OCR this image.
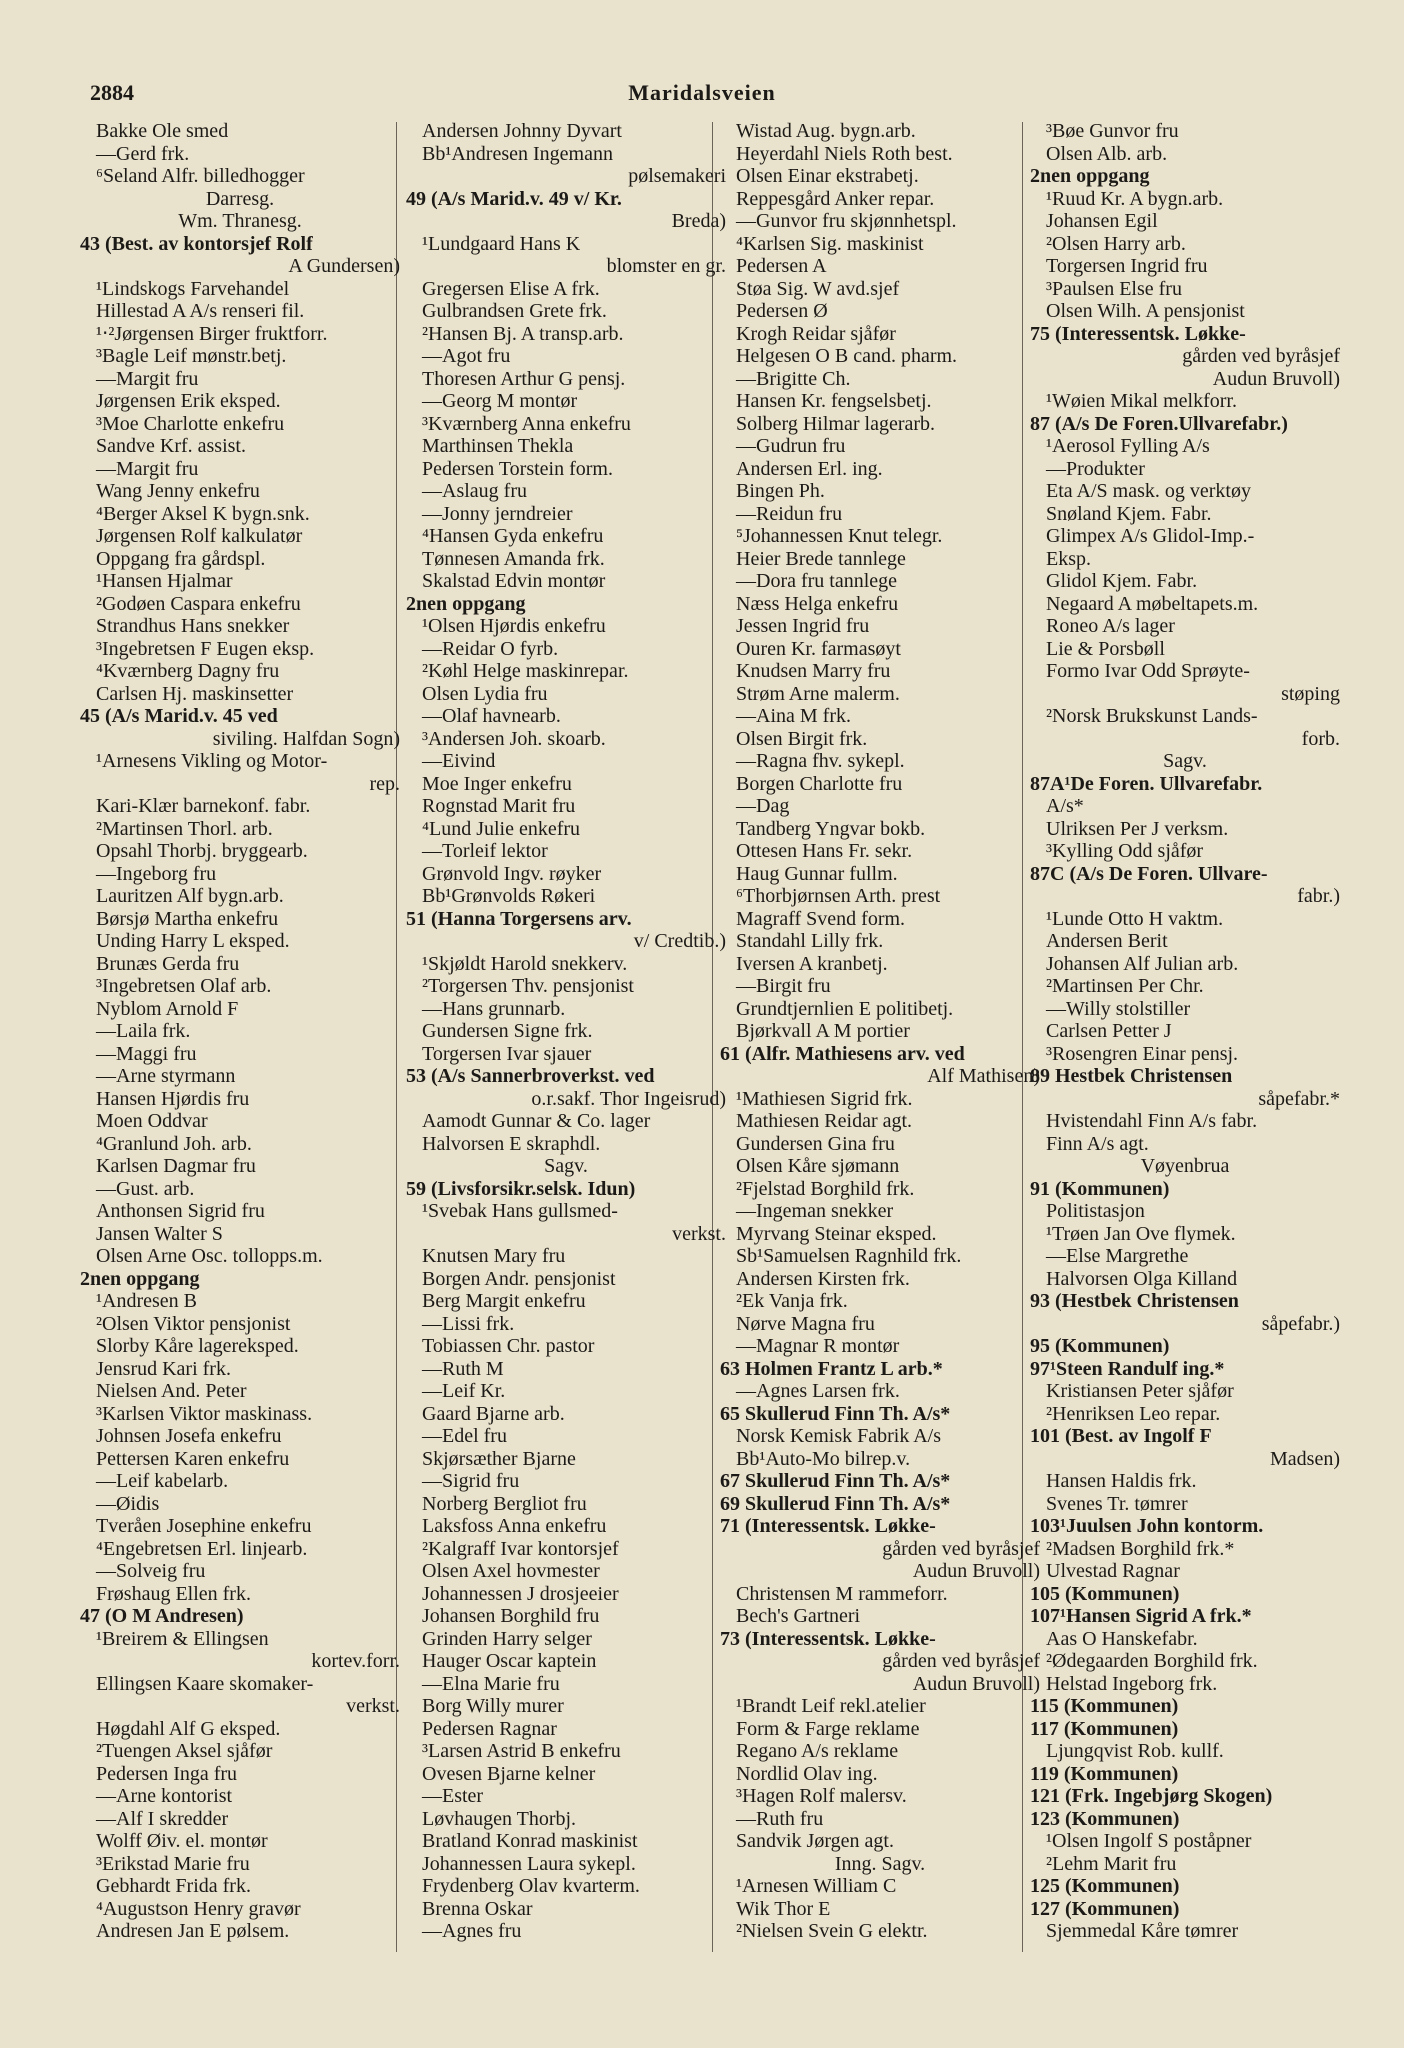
2884	Maridalsveien
Bakke Ole smed
—Gerd frk.
⁶Seland Alfr. billedhogger
Darresg.
Wm. Thranesg.
43 (Best. av kontorsjef Rolf
A Gundersen)
¹Lindskogs Farvehandel
Hillestad A A/s renseri fil.
¹‧²Jørgensen Birger fruktforr.
³Bagle Leif mønstr.betj.
—Margit fru
Jørgensen Erik eksped.
³Moe Charlotte enkefru
Sandve Krf. assist.
—Margit fru
Wang Jenny enkefru
⁴Berger Aksel K bygn.snk.
Jørgensen Rolf kalkulatør
Oppgang fra gårdspl.
¹Hansen Hjalmar
²Godøen Caspara enkefru
Strandhus Hans snekker
³Ingebretsen F Eugen eksp.
⁴Kværnberg Dagny fru
Carlsen Hj. maskinsetter
45 (A/s Marid.v. 45 ved
siviling. Halfdan Sogn)
¹Arnesens Vikling og Motor-
rep.
Kari-Klær barnekonf. fabr.
²Martinsen Thorl. arb.
Opsahl Thorbj. bryggearb.
—Ingeborg fru
Lauritzen Alf bygn.arb.
Børsjø Martha enkefru
Unding Harry L eksped.
Brunæs Gerda fru
³Ingebretsen Olaf arb.
Nyblom Arnold F
—Laila frk.
—Maggi fru
—Arne styrmann
Hansen Hjørdis fru
Moen Oddvar
⁴Granlund Joh. arb.
Karlsen Dagmar fru
—Gust. arb.
Anthonsen Sigrid fru
Jansen Walter S
Olsen Arne Osc. tollopps.m.
2nen oppgang
¹Andresen B
²Olsen Viktor pensjonist
Slorby Kåre lagereksped.
Jensrud Kari frk.
Nielsen And. Peter
³Karlsen Viktor maskinass.
Johnsen Josefa enkefru
Pettersen Karen enkefru
—Leif kabelarb.
—Øidis
Tveråen Josephine enkefru
⁴Engebretsen Erl. linjearb.
—Solveig fru
Frøshaug Ellen frk.
47 (O M Andresen)
¹Breirem & Ellingsen
kortev.forr.
Ellingsen Kaare skomaker-
verkst.
Høgdahl Alf G eksped.
²Tuengen Aksel sjåfør
Pedersen Inga fru
—Arne kontorist
—Alf I skredder
Wolff Øiv. el. montør
³Erikstad Marie fru
Gebhardt Frida frk.
⁴Augustson Henry gravør
Andresen Jan E pølsem.
Andersen Johnny Dyvart
Bb¹Andresen Ingemann
pølsemakeri
49 (A/s Marid.v. 49 v/ Kr.
Breda)
¹Lundgaard Hans K
blomster en gr.
Gregersen Elise A frk.
Gulbrandsen Grete frk.
²Hansen Bj. A transp.arb.
—Agot fru
Thoresen Arthur G pensj.
—Georg M montør
³Kværnberg Anna enkefru
Marthinsen Thekla
Pedersen Torstein form.
—Aslaug fru
—Jonny jerndreier
⁴Hansen Gyda enkefru
Tønnesen Amanda frk.
Skalstad Edvin montør
2nen oppgang
¹Olsen Hjørdis enkefru
—Reidar O fyrb.
²Køhl Helge maskinrepar.
Olsen Lydia fru
—Olaf havnearb.
³Andersen Joh. skoarb.
—Eivind
Moe Inger enkefru
Rognstad Marit fru
⁴Lund Julie enkefru
—Torleif lektor
Grønvold Ingv. røyker
Bb¹Grønvolds Røkeri
51 (Hanna Torgersens arv.
v/ Credtib.)
¹Skjøldt Harold snekkerv.
²Torgersen Thv. pensjonist
—Hans grunnarb.
Gundersen Signe frk.
Torgersen Ivar sjauer
53 (A/s Sannerbroverkst. ved
o.r.sakf. Thor Ingeisrud)
Aamodt Gunnar & Co. lager
Halvorsen E skraphdl.
Sagv.
59 (Livsforsikr.selsk. Idun)
¹Svebak Hans gullsmed-
verkst.
Knutsen Mary fru
Borgen Andr. pensjonist
Berg Margit enkefru
—Lissi frk.
Tobiassen Chr. pastor
—Ruth M
—Leif Kr.
Gaard Bjarne arb.
—Edel fru
Skjørsæther Bjarne
—Sigrid fru
Norberg Bergliot fru
Laksfoss Anna enkefru
²Kalgraff Ivar kontorsjef
Olsen Axel hovmester
Johannessen J drosjeeier
Johansen Borghild fru
Grinden Harry selger
Hauger Oscar kaptein
—Elna Marie fru
Borg Willy murer
Pedersen Ragnar
³Larsen Astrid B enkefru
Ovesen Bjarne kelner
—Ester
Løvhaugen Thorbj.
Bratland Konrad maskinist
Johannessen Laura sykepl.
Frydenberg Olav kvarterm.
Brenna Oskar
—Agnes fru
Wistad Aug. bygn.arb.
Heyerdahl Niels Roth best.
Olsen Einar ekstrabetj.
Reppesgård Anker repar.
—Gunvor fru skjønnhetspl.
⁴Karlsen Sig. maskinist
Pedersen A
Støa Sig. W avd.sjef
Pedersen Ø
Krogh Reidar sjåfør
Helgesen O B cand. pharm.
—Brigitte Ch.
Hansen Kr. fengselsbetj.
Solberg Hilmar lagerarb.
—Gudrun fru
Andersen Erl. ing.
Bingen Ph.
—Reidun fru
⁵Johannessen Knut telegr.
Heier Brede tannlege
—Dora fru tannlege
Næss Helga enkefru
Jessen Ingrid fru
Ouren Kr. farmasøyt
Knudsen Marry fru
Strøm Arne malerm.
—Aina M frk.
Olsen Birgit frk.
—Ragna fhv. sykepl.
Borgen Charlotte fru
—Dag
Tandberg Yngvar bokb.
Ottesen Hans Fr. sekr.
Haug Gunnar fullm.
⁶Thorbjørnsen Arth. prest
Magraff Svend form.
Standahl Lilly frk.
Iversen A kranbetj.
—Birgit fru
Grundtjernlien E politibetj.
Bjørkvall A M portier
61 (Alfr. Mathiesens arv. ved
Alf Mathisen)
¹Mathiesen Sigrid frk.
Mathiesen Reidar agt.
Gundersen Gina fru
Olsen Kåre sjømann
²Fjelstad Borghild frk.
—Ingeman snekker
Myrvang Steinar eksped.
Sb¹Samuelsen Ragnhild frk.
Andersen Kirsten frk.
²Ek Vanja frk.
Nørve Magna fru
—Magnar R montør
63 Holmen Frantz L arb.*
—Agnes Larsen frk.
65 Skullerud Finn Th. A/s*
Norsk Kemisk Fabrik A/s
Bb¹Auto-Mo bilrep.v.
67 Skullerud Finn Th. A/s*
69 Skullerud Finn Th. A/s*
71 (Interessentsk. Løkke-
gården ved byråsjef
Audun Bruvoll)
Christensen M rammeforr.
Bech's Gartneri
73 (Interessentsk. Løkke-
gården ved byråsjef
Audun Bruvoll)
¹Brandt Leif rekl.atelier
Form & Farge reklame
Regano A/s reklame
Nordlid Olav ing.
³Hagen Rolf malersv.
—Ruth fru
Sandvik Jørgen agt.
Inng. Sagv.
¹Arnesen William C
Wik Thor E
²Nielsen Svein G elektr.
³Bøe Gunvor fru
Olsen Alb. arb.
2nen oppgang
¹Ruud Kr. A bygn.arb.
Johansen Egil
²Olsen Harry arb.
Torgersen Ingrid fru
³Paulsen Else fru
Olsen Wilh. A pensjonist
75 (Interessentsk. Løkke-
gården ved byråsjef
Audun Bruvoll)
¹Wøien Mikal melkforr.
87 (A/s De Foren.Ullvarefabr.)
¹Aerosol Fylling A/s
—Produkter
Eta A/S mask. og verktøy
Snøland Kjem. Fabr.
Glimpex A/s Glidol-Imp.-
Eksp.
Glidol Kjem. Fabr.
Negaard A møbeltapets.m.
Roneo A/s lager
Lie & Porsbøll
Formo Ivar Odd Sprøyte-
støping
²Norsk Brukskunst Lands-
forb.
Sagv.
87A¹De Foren. Ullvarefabr.
A/s*
Ulriksen Per J verksm.
³Kylling Odd sjåfør
87C (A/s De Foren. Ullvare-
fabr.)
¹Lunde Otto H vaktm.
Andersen Berit
Johansen Alf Julian arb.
²Martinsen Per Chr.
—Willy stolstiller
Carlsen Petter J
³Rosengren Einar pensj.
89 Hestbek Christensen
såpefabr.*
Hvistendahl Finn A/s fabr.
Finn A/s agt.
Vøyenbrua
91 (Kommunen)
Politistasjon
¹Trøen Jan Ove flymek.
—Else Margrethe
Halvorsen Olga Killand
93 (Hestbek Christensen
såpefabr.)
95 (Kommunen)
97¹Steen Randulf ing.*
Kristiansen Peter sjåfør
²Henriksen Leo repar.
101 (Best. av Ingolf F
Madsen)
Hansen Haldis frk.
Svenes Tr. tømrer
103¹Juulsen John kontorm.
²Madsen Borghild frk.*
Ulvestad Ragnar
105 (Kommunen)
107¹Hansen Sigrid A frk.*
Aas O Hanskefabr.
²Ødegaarden Borghild frk.
Helstad Ingeborg frk.
115 (Kommunen)
117 (Kommunen)
Ljungqvist Rob. kullf.
119 (Kommunen)
121 (Frk. Ingebjørg Skogen)
123 (Kommunen)
¹Olsen Ingolf S poståpner
²Lehm Marit fru
125 (Kommunen)
127 (Kommunen)
Sjemmedal Kåre tømrer
